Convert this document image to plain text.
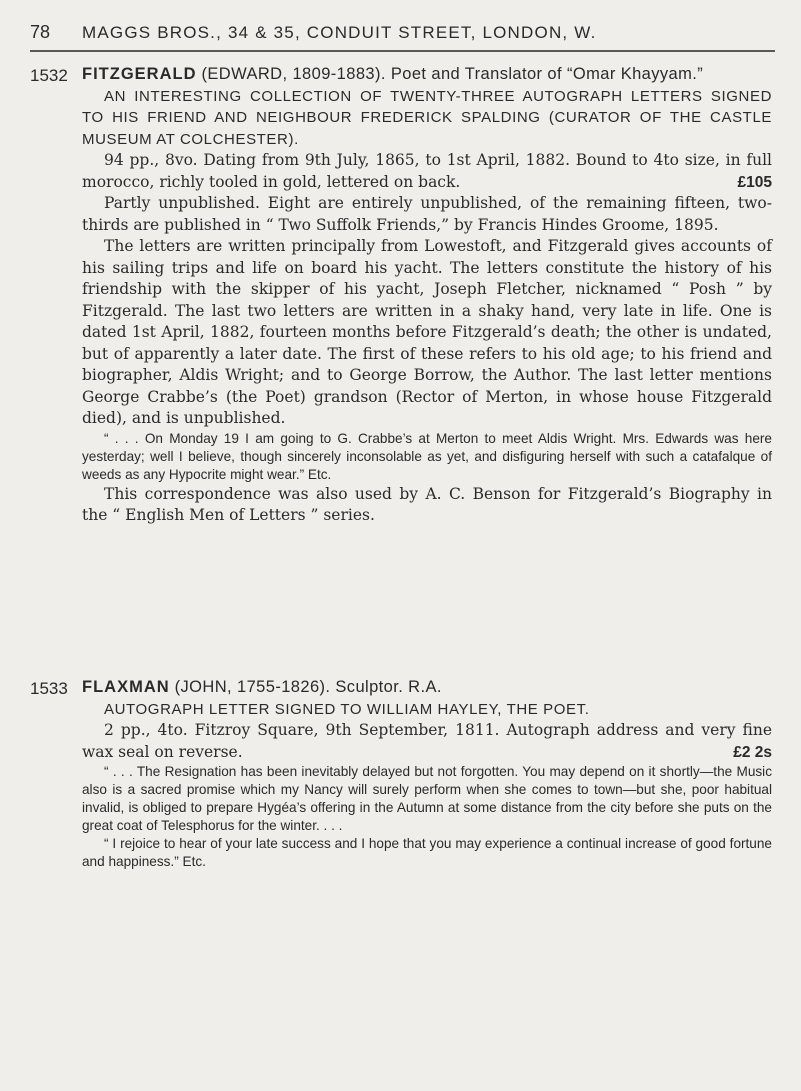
78 MAGGS BROS., 34 & 35, CONDUIT STREET, LONDON, W.
1532 FITZGERALD (EDWARD, 1809-1883). Poet and Translator of “Omar Khayyam.”
AN INTERESTING COLLECTION OF TWENTY-THREE AUTOGRAPH LETTERS SIGNED TO HIS FRIEND AND NEIGHBOUR FREDERICK SPALDING (CURATOR OF THE CASTLE MUSEUM AT COLCHESTER).
94 pp., 8vo. Dating from 9th July, 1865, to 1st April, 1882. Bound to 4to size, in full morocco, richly tooled in gold, lettered on back.	£105
Partly unpublished. Eight are entirely unpublished, of the remaining fifteen, two-thirds are published in “ Two Suffolk Friends,” by Francis Hindes Groome, 1895.
The letters are written principally from Lowestoft, and Fitzgerald gives accounts of his sailing trips and life on board his yacht. The letters constitute the history of his friendship with the skipper of his yacht, Joseph Fletcher, nicknamed “ Posh ” by Fitzgerald. The last two letters are written in a shaky hand, very late in life. One is dated 1st April, 1882, fourteen months before Fitzgerald’s death; the other is undated, but of apparently a later date. The first of these refers to his old age; to his friend and biographer, Aldis Wright; and to George Borrow, the Author. The last letter mentions George Crabbe’s (the Poet) grandson (Rector of Merton, in whose house Fitzgerald died), and is unpublished.
“ . . . On Monday 19 I am going to G. Crabbe’s at Merton to meet Aldis Wright. Mrs. Edwards was here yesterday; well I believe, though sincerely inconsolable as yet, and disfiguring herself with such a catafalque of weeds as any Hypocrite might wear.” Etc.
This correspondence was also used by A. C. Benson for Fitzgerald’s Biography in the “ English Men of Letters ” series.
1533 FLAXMAN (JOHN, 1755-1826). Sculptor. R.A.
AUTOGRAPH LETTER SIGNED TO WILLIAM HAYLEY, THE POET.
2 pp., 4to. Fitzroy Square, 9th September, 1811. Autograph address and very fine wax seal on reverse.	£2 2s
“ . . . The Resignation has been inevitably delayed but not forgotten. You may depend on it shortly—the Music also is a sacred promise which my Nancy will surely perform when she comes to town—but she, poor habitual invalid, is obliged to prepare Hygéa’s offering in the Autumn at some distance from the city before she puts on the great coat of Telesphorus for the winter. . . .
“ I rejoice to hear of your late success and I hope that you may experience a continual increase of good fortune and happiness.” Etc.
